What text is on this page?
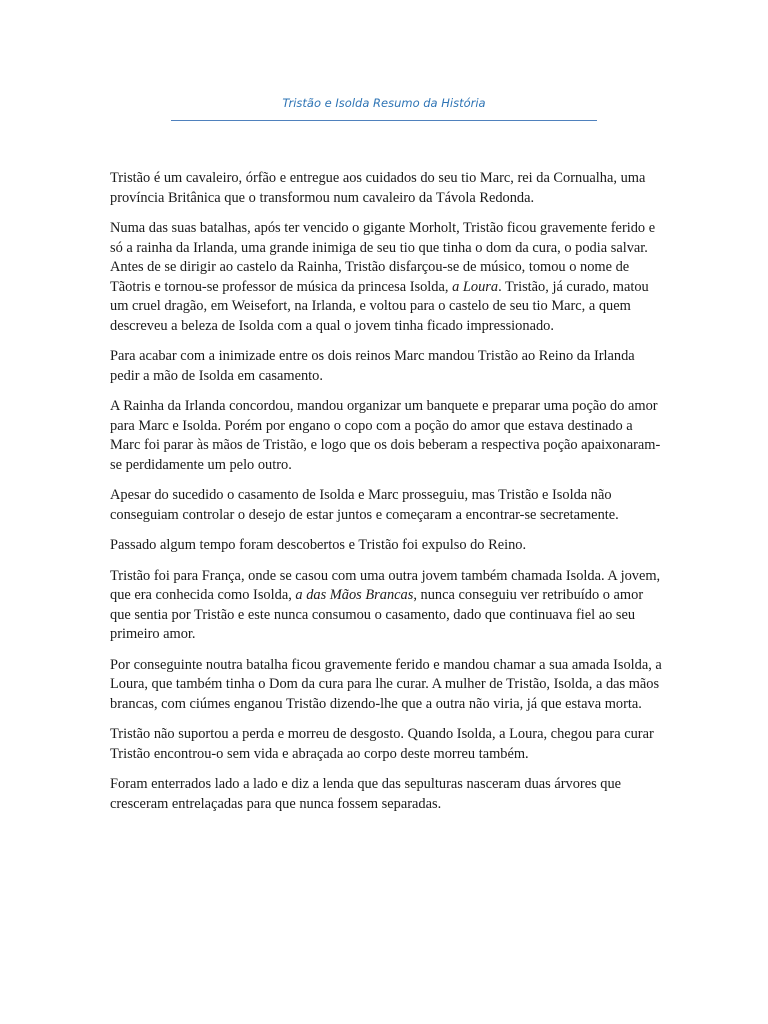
Tristão e Isolda Resumo da História

Tristão é um cavaleiro, órfão e entregue aos cuidados do seu tio Marc, rei da Cornualha, uma província Britânica que o transformou num cavaleiro da Távola Redonda.

Numa das suas batalhas, após ter vencido o gigante Morholt, Tristão ficou gravemente ferido e só a rainha da Irlanda, uma grande inimiga de seu tio que tinha o dom da cura, o podia salvar. Antes de se dirigir ao castelo da Rainha, Tristão disfarçou-se de músico, tomou o nome de Tãotris e tornou-se professor de música da princesa Isolda, a Loura. Tristão, já curado, matou um cruel dragão, em Weisefort, na Irlanda, e voltou para o castelo de seu tio Marc, a quem descreveu a beleza de Isolda com a qual o jovem tinha ficado impressionado.

Para acabar com a inimizade entre os dois reinos Marc mandou Tristão ao Reino da Irlanda pedir a mão de Isolda em casamento.

A Rainha da Irlanda concordou, mandou organizar um banquete e preparar uma poção do amor para Marc e Isolda. Porém por engano o copo com a poção do amor que estava destinado a Marc foi parar às mãos de Tristão, e logo que os dois beberam a respectiva poção apaixonaram-se perdidamente um pelo outro.

Apesar do sucedido o casamento de Isolda e Marc prosseguiu, mas Tristão e Isolda não conseguiam controlar o desejo de estar juntos e começaram a encontrar-se secretamente.

Passado algum tempo foram descobertos e Tristão foi expulso do Reino.

Tristão foi para França, onde se casou com uma outra jovem também chamada Isolda. A jovem, que era conhecida como Isolda, a das Mãos Brancas, nunca conseguiu ver retribuído o amor que sentia por Tristão e este nunca consumou o casamento, dado que continuava fiel ao seu primeiro amor.

Por conseguinte noutra batalha ficou gravemente ferido e mandou chamar a sua amada Isolda, a Loura, que também tinha o Dom da cura para lhe curar. A mulher de Tristão, Isolda, a das mãos brancas, com ciúmes enganou Tristão dizendo-lhe que a outra não viria, já que estava morta.

Tristão não suportou a perda e morreu de desgosto. Quando Isolda, a Loura, chegou para curar Tristão encontrou-o sem vida e abraçada ao corpo deste morreu também.

Foram enterrados lado a lado e diz a lenda que das sepulturas nasceram duas árvores que cresceram entrelaçadas para que nunca fossem separadas.
